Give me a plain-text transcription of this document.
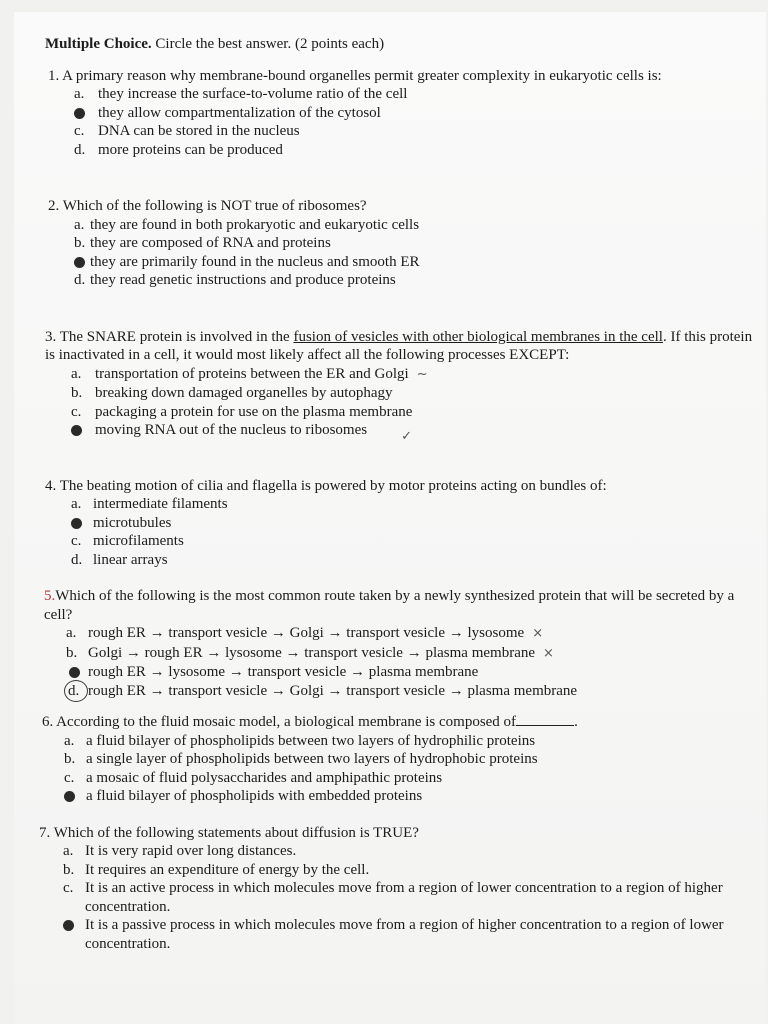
Multiple Choice. Circle the best answer. (2 points each)
1. A primary reason why membrane-bound organelles permit greater complexity in eukaryotic cells is:
a. they increase the surface-to-volume ratio of the cell
they allow compartmentalization of the cytosol
c. DNA can be stored in the nucleus
d. more proteins can be produced
2. Which of the following is NOT true of ribosomes?
a. they are found in both prokaryotic and eukaryotic cells
b. they are composed of RNA and proteins
they are primarily found in the nucleus and smooth ER
d. they read genetic instructions and produce proteins
3. The SNARE protein is involved in the fusion of vesicles with other biological membranes in the cell. If this protein is inactivated in a cell, it would most likely affect all the following processes EXCEPT:
a. transportation of proteins between the ER and Golgi ~
b. breaking down damaged organelles by autophagy
c. packaging a protein for use on the plasma membrane
moving RNA out of the nucleus to ribosomes	✓
4. The beating motion of cilia and flagella is powered by motor proteins acting on bundles of:
a. intermediate filaments
microtubules
c. microfilaments
d. linear arrays
5.Which of the following is the most common route taken by a newly synthesized protein that will be secreted by a cell?
a. rough ER → transport vesicle → Golgi → transport vesicle → lysosome ×
b. Golgi → rough ER → lysosome → transport vesicle → plasma membrane ×
rough ER → lysosome → transport vesicle → plasma membrane
d. rough ER → transport vesicle → Golgi → transport vesicle → plasma membrane
6. According to the fluid mosaic model, a biological membrane is composed of	.
a. a fluid bilayer of phospholipids between two layers of hydrophilic proteins
b. a single layer of phospholipids between two layers of hydrophobic proteins
c. a mosaic of fluid polysaccharides and amphipathic proteins
a fluid bilayer of phospholipids with embedded proteins
7. Which of the following statements about diffusion is TRUE?
a. It is very rapid over long distances.
b. It requires an expenditure of energy by the cell.
c. It is an active process in which molecules move from a region of lower concentration to a region of higher concentration.
It is a passive process in which molecules move from a region of higher concentration to a region of lower concentration.
